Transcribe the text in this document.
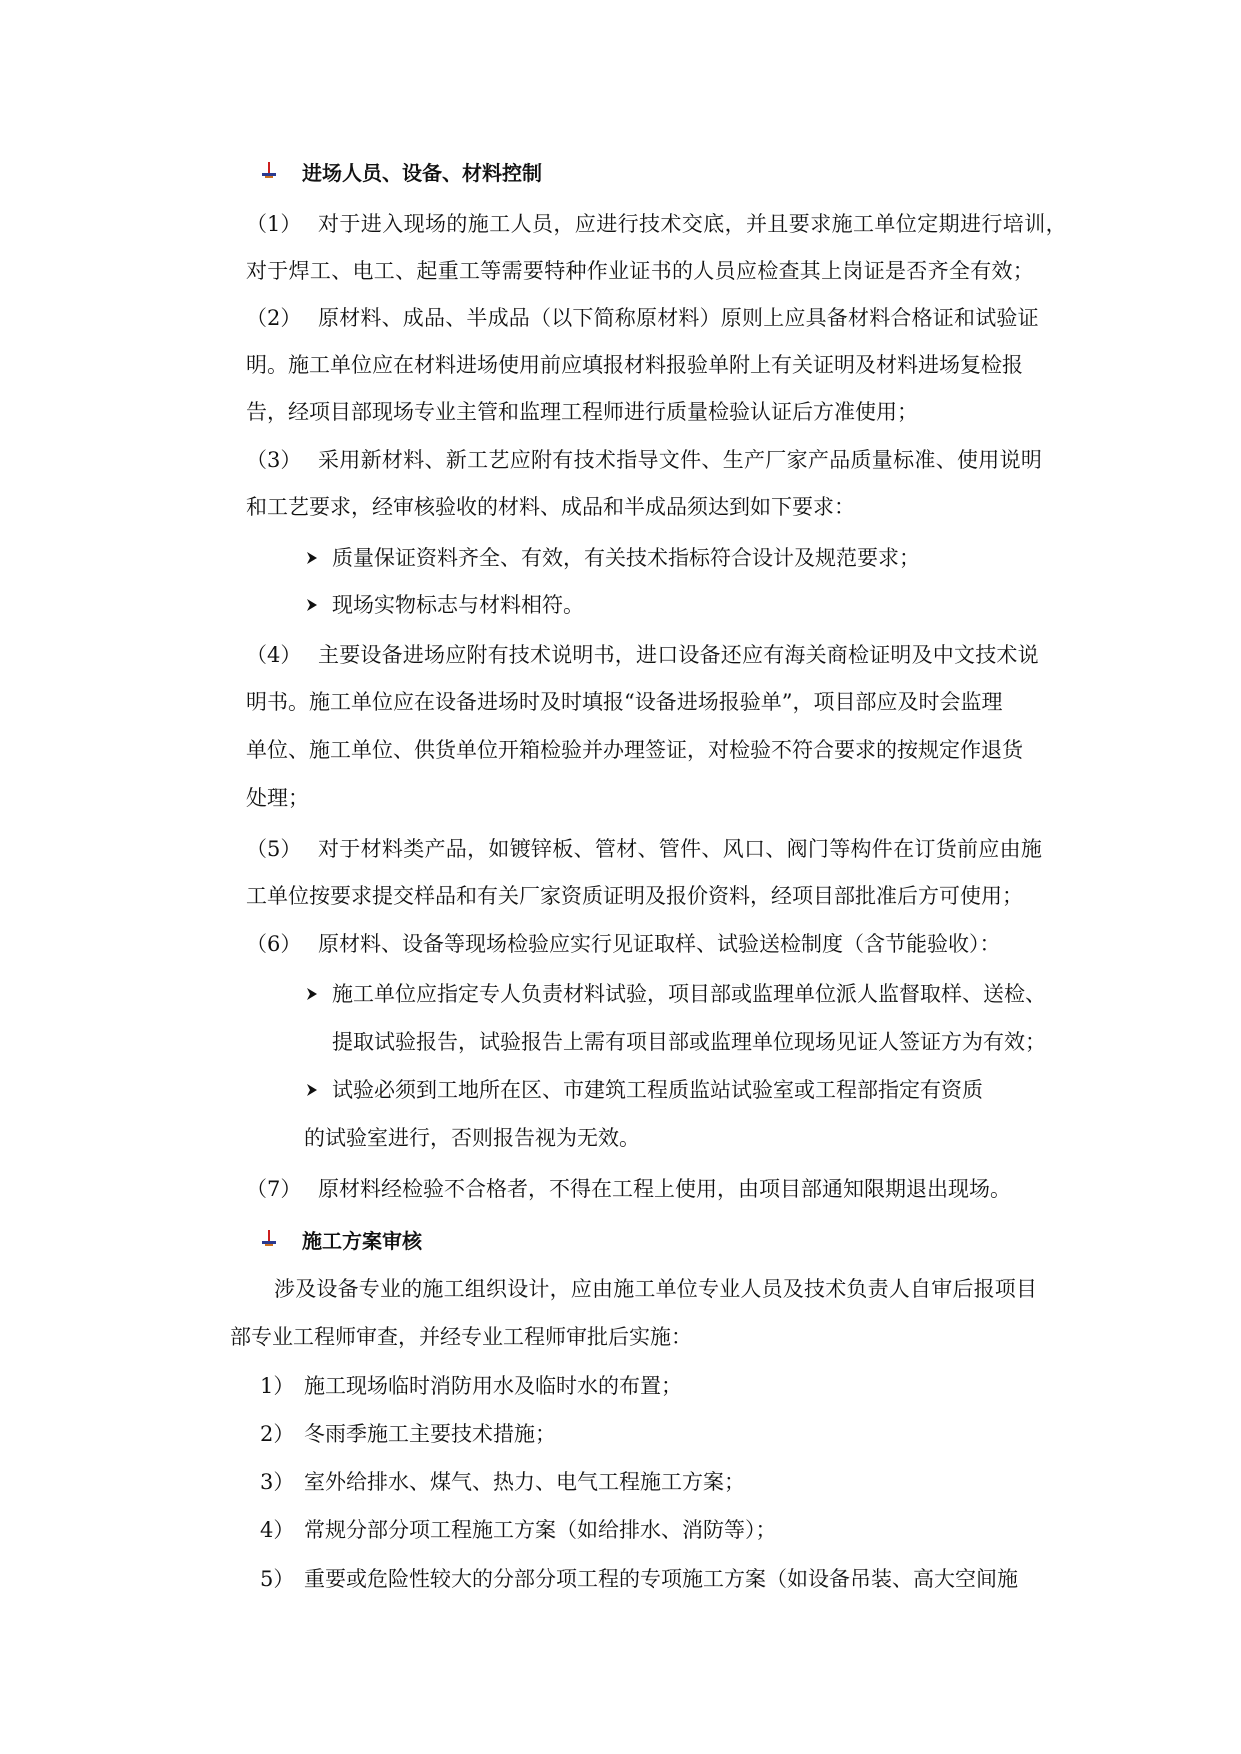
进场人员、设备、材料控制
（1） 对于进入现场的施工人员，应进行技术交底，并且要求施工单位定期进行培训，
对于焊工、电工、起重工等需要特种作业证书的人员应检查其上岗证是否齐全有效；
（2） 原材料、成品、半成品（以下简称原材料）原则上应具备材料合格证和试验证
明。施工单位应在材料进场使用前应填报材料报验单附上有关证明及材料进场复检报
告，经项目部现场专业主管和监理工程师进行质量检验认证后方准使用；
（3） 采用新材料、新工艺应附有技术指导文件、生产厂家产品质量标准、使用说明
和工艺要求，经审核验收的材料、成品和半成品须达到如下要求：
质量保证资料齐全、有效，有关技术指标符合设计及规范要求；
现场实物标志与材料相符。
（4） 主要设备进场应附有技术说明书，进口设备还应有海关商检证明及中文技术说
明书。施工单位应在设备进场时及时填报“设备进场报验单”，项目部应及时会监理
单位、施工单位、供货单位开箱检验并办理签证，对检验不符合要求的按规定作退货
处理；
（5） 对于材料类产品，如镀锌板、管材、管件、风口、阀门等构件在订货前应由施
工单位按要求提交样品和有关厂家资质证明及报价资料，经项目部批准后方可使用；
（6） 原材料、设备等现场检验应实行见证取样、试验送检制度（含节能验收）：
施工单位应指定专人负责材料试验，项目部或监理单位派人监督取样、送检、
提取试验报告，试验报告上需有项目部或监理单位现场见证人签证方为有效；
试验必须到工地所在区、市建筑工程质监站试验室或工程部指定有资质
的试验室进行，否则报告视为无效。
（7） 原材料经检验不合格者，不得在工程上使用，由项目部通知限期退出现场。
施工方案审核
涉及设备专业的施工组织设计，应由施工单位专业人员及技术负责人自审后报项目
部专业工程师审查，并经专业工程师审批后实施：
1） 施工现场临时消防用水及临时水的布置；
2） 冬雨季施工主要技术措施；
3） 室外给排水、煤气、热力、电气工程施工方案；
4） 常规分部分项工程施工方案（如给排水、消防等）；
5） 重要或危险性较大的分部分项工程的专项施工方案（如设备吊装、高大空间施
